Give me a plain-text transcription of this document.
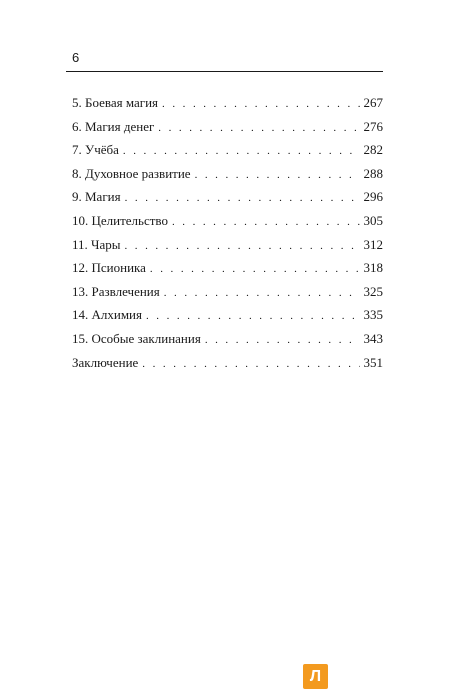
6
5. Боевая магия . . .	267
6. Магия денег . . .	276
7. Учёба . . .	282
8. Духовное развитие . . .	288
9. Магия . . .	296
10. Целительство . . .	305
11. Чары . . .	312
12. Псионика . . .	318
13. Развлечения . . .	325
14. Алхимия . . .	335
15. Особые заклинания . . .	343
Заключение . . .	351
Л
